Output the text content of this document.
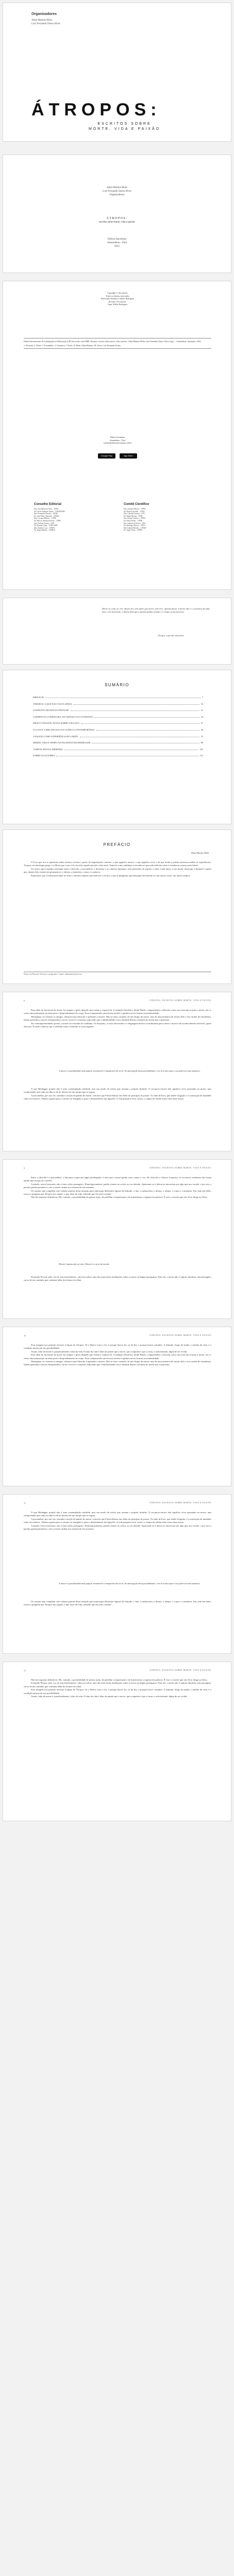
Organizadores
Allan Martins Mohr
Luiz Fernando Zenzo Alves
ÁTROPOS:
ESCRITOS SOBRE
MORTE, VIDA E PAIXÃO
Allan Martins Mohr
Luiz Fernando Zenzo Alves
Organizadores
ÁTROPOS:
escritos sobre morte, vida e paixão
Editora Itacaiúnas
Ananindeua – Pará
2022
Copyright © dos autores
Todos os direitos reservados
Editoração eletrônica: Walter Rodrigues
Revisão: Dos autores
Capa: Walter Rodrigues
Dados Internacionais de Catalogação na Publicação (CIP) de acordo com ISBD. Átropos: escritos sobre morte, vida e paixão / Allan Martins Mohr, Luiz Fernando Zenzo Alves (org.). – Ananindeua: Itacaiúnas, 2022.
1. Filosofia. 2. Morte. 3. Psicanálise. 4. Literatura. I. Título. II. Mohr, Allan Martins. III. Alves, Luiz Fernando Zenzo.
Editora Itacaiúnas
Ananindeua – Pará
contato@editoraitacaiunas.com.br
Google Play	App Store
Conselho Editorial
Dra. Ana Maria da Silva – UFPA
Dr. Carlos Eduardo Souza – UNIFESSPA
Dra. Fernanda Oliveira – UEPA
Dr. João Pedro Almeida – UFMA
Dra. Luciana Ribeiro – UFPE
Dr. Marcos Antônio Pereira – UFRJ
Dra. Patrícia Gomes – USP
Dr. Ricardo Lima – UNICAMP
Dra. Sandra Costa – UFMG
Dr. Tiago Martins – UFRGS
Comitê Científico
Dra. Adriana Moraes – UFPA
Dr. Bruno Carvalho – UFSC
Dra. Cláudia Ferreira – UFC
Dr. Daniel Rocha – UNB
Dra. Elaine Cardoso – UFBA
Dr. Fábio Nunes – UFPR
Dra. Gabriela Teixeira – UFG
Dr. Henrique Barros – UFES
Dra. Isabela Mendes – UFAM
Dr. Jorge Vieira – UFRN
Morre-se como se vive. Quem vive sem saber que morre, não vive: apenas passa. A morte não é o contrário da vida, mas o seu horizonte; é diante dela que a paixão ganha sentido e o tempo se faz precioso.
(Átropos, a que não volta atrás)
SUMÁRIO
PREFÁCIO	7
ÁTROPOS: A QUE NÃO VOLTA ATRÁS	10
O ESPANTO DIANTE DA FINITUDE	21
A MORTE NA LITERATURA: DO TRÁGICO AO COTIDIANO	34
EROS E TÂNATOS: NOTAS SOBRE A PULSÃO	47
O LUTO E A MELANCOLIA NA CLÍNICA CONTEMPORÂNEA	59
A PAIXÃO COMO EXPERIÊNCIA DO LIMITE	72
MORTE, VIDA E TEMPO NA FILOSOFIA DE HEIDEGGER	88
CORPOS, RITOS E MEMÓRIA	101
SOBRE OS AUTORES	115
PREFÁCIO
Allan Martins Mohr

O livro que ora se apresenta reúne ensaios escritos a partir de inquietações comuns: o que significa morrer, o que significa viver e de que modo a paixão atravessa ambas as experiências. Átropos, na mitologia grega, é a Moira que corta o fio da vida, aquela que não volta atrás. Tomá-la como emblema é reconhecer que toda reflexão sobre a existência começa pelo limite.

Os textos aqui reunidos transitam entre a filosofia, a psicanálise, a literatura e as ciências humanas, sem pretensão de esgotar o tema. Cada autor, a seu modo, interroga a finitude e aquilo que, diante dela, insiste em permanecer: o desejo, a memória, o amor e a palavra.

Esperamos que a leitura provoque no leitor o mesmo espanto que motivou a escrita, e que as perguntas aqui lançadas encontrem eco em outras vozes, em outros tempos.

Doutor em Filosofia. Professor e pesquisador. Contato: allanmohr@email.com
ÁTROPOS: ESCRITOS SOBRE MORTE, VIDA E PAIXÃO
8

Para além do horizonte da morte, há sempre o gesto daquele que resiste a esquecê-la. A tradição filosófica, desde Platão, compreendeu o filosofar como um exercitar-se para a morte, isto é, como uma preparação da alma para o desprendimento do corpo. Essa compreensão atravessou séculos e ganhou novas formas na modernidade.

Montaigne, ao retomar os antigos, afirmava que filosofar é aprender a morrer. Não se trata, contudo, de um elogio da morte, mas de uma tentativa de retirar dela o seu caráter de estranheza. Quem aprendeu a morrer desaprendeu a servir, escreve o ensaísta, indicando que a familiaridade com a finitude liberta o homem do medo que o aprisiona.

Na contemporaneidade, porém, a morte foi afastada do cotidiano. Os hospitais, os ritos abreviados e a linguagem técnica contribuíram para tornar o morrer um acontecimento invisível, quase obsceno. É nesse contexto que a reflexão sobre a finitude se torna urgente.

A morte é a possibilidade mais própria, irremissível e insuperável do ser-aí. Na antecipação dessa possibilidade, o ser-aí se abre para o seu poder-ser mais autêntico.

O que Heidegger propõe não é uma contemplação mórbida, mas um modo de existir que assume a própria finitude. O ser-para-a-morte não significa viver pensando na morte, mas compreender que cada escolha se dá no interior de um tempo que se esgota.

A psicanálise, por sua vez, introduz a noção de pulsão de morte, conceito que Freud elabora em Além do princípio do prazer. Ao lado de Eros, que tende à ligação e à construção de unidades cada vez maiores, Tânatos aponta para o retorno ao inorgânico, para o desfazimento das ligações. A vida psíquica seria, assim, o campo de tensão entre essas duas forças.

ÁTROPOS: ESCRITOS SOBRE MORTE, VIDA E PAIXÃO
9

Entre a filosofia e a psicanálise, a literatura ocupa um lugar privilegiado: é nela que a morte ganha rosto, nome e voz. De Sófocles a Clarice Lispector, os escritores souberam dar forma àquilo que escapa ao conceito.

A paixão, nesse horizonte, não é mero afeto passageiro. Etimologicamente, paixão remete ao sofrer, ao ser afetado. Apaixonar-se é deixar-se atravessar por algo que nos excede, e por isso a paixão guarda parentesco com a morte: ambas nos retiram de nós mesmos.

Os ensaios que compõem este volume partem dessa intuição para interrogar diferentes figuras da finitude: o luto, a melancolia, o desejo, o tempo, o corpo e a memória. Em cada um deles, ressoa a pergunta que Átropos nos impõe: o que fazer da vida, sabendo que ela será cortada?

Não há respostas definitivas. Há, contudo, a possibilidade de pensar junto, de partilhar a inquietação e de transformar o espanto em palavra. É esse o convite que este livro dirige ao leitor.

Morrer é apenas não ser visto. Morrer é a curva da estrada.

Fernando Pessoa, pela voz de seus heterônimos, ofereceu talvez uma das mais belas meditações sobre a morte na língua portuguesa. Para ele, a morte não é ruptura absoluta, mas passagem, curva de um caminho que continua além do alcance do olhar.

ÁTROPOS: ESCRITOS SOBRE MORTE, VIDA E PAIXÃO
10

Essa imagem nos permite retornar à figura de Átropos. Se a Moira corta o fio, é porque houve fio; se há fim, é porque houve caminho. A finitude, longe de anular o sentido da vida, é a condição mesma de sua possibilidade.

Assim, falar da morte é, paradoxalmente, falar da vida. E falar da vida é falar da paixão que a move, que a inquieta e que a torna, a cada instante, digna de ser vivida.

Para além do horizonte da morte, há sempre o gesto daquele que resiste a esquecê-la. A tradição filosófica, desde Platão, compreendeu o filosofar como um exercitar-se para a morte, isto é, como uma preparação da alma para o desprendimento do corpo. Essa compreensão atravessou séculos e ganhou novas formas na modernidade.

Montaigne, ao retomar os antigos, afirmava que filosofar é aprender a morrer. Não se trata, contudo, de um elogio da morte, mas de uma tentativa de retirar dela o seu caráter de estranheza. Quem aprendeu a morrer desaprendeu a servir, escreve o ensaísta, indicando que a familiaridade com a finitude liberta o homem do medo que o aprisiona.

ÁTROPOS: ESCRITOS SOBRE MORTE, VIDA E PAIXÃO
11

O que Heidegger propõe não é uma contemplação mórbida, mas um modo de existir que assume a própria finitude. O ser-para-a-morte não significa viver pensando na morte, mas compreender que cada escolha se dá no interior de um tempo que se esgota.

A psicanálise, por sua vez, introduz a noção de pulsão de morte, conceito que Freud elabora em Além do princípio do prazer. Ao lado de Eros, que tende à ligação e à construção de unidades cada vez maiores, Tânatos aponta para o retorno ao inorgânico, para o desfazimento das ligações. A vida psíquica seria, assim, o campo de tensão entre essas duas forças.

A paixão, nesse horizonte, não é mero afeto passageiro. Etimologicamente, paixão remete ao sofrer, ao ser afetado. Apaixonar-se é deixar-se atravessar por algo que nos excede, e por isso a paixão guarda parentesco com a morte: ambas nos retiram de nós mesmos.

A morte é a possibilidade mais própria, irremissível e insuperável do ser-aí. Na antecipação dessa possibilidade, o ser-aí se abre para o seu poder-ser mais autêntico.

Os ensaios que compõem este volume partem dessa intuição para interrogar diferentes figuras da finitude: o luto, a melancolia, o desejo, o tempo, o corpo e a memória. Em cada um deles, ressoa a pergunta que Átropos nos impõe: o que fazer da vida, sabendo que ela será cortada?

ÁTROPOS: ESCRITOS SOBRE MORTE, VIDA E PAIXÃO
12

Não há respostas definitivas. Há, contudo, a possibilidade de pensar junto, de partilhar a inquietação e de transformar o espanto em palavra. É esse o convite que este livro dirige ao leitor.

Fernando Pessoa, pela voz de seus heterônimos, ofereceu talvez uma das mais belas meditações sobre a morte na língua portuguesa. Para ele, a morte não é ruptura absoluta, mas passagem, curva de um caminho que continua além do alcance do olhar.

Essa imagem nos permite retornar à figura de Átropos. Se a Moira corta o fio, é porque houve fio; se há fim, é porque houve caminho. A finitude, longe de anular o sentido da vida, é a condição mesma de sua possibilidade.

Assim, falar da morte é, paradoxalmente, falar da vida. E falar da vida é falar da paixão que a move, que a inquieta e que a torna, a cada instante, digna de ser vivida.
